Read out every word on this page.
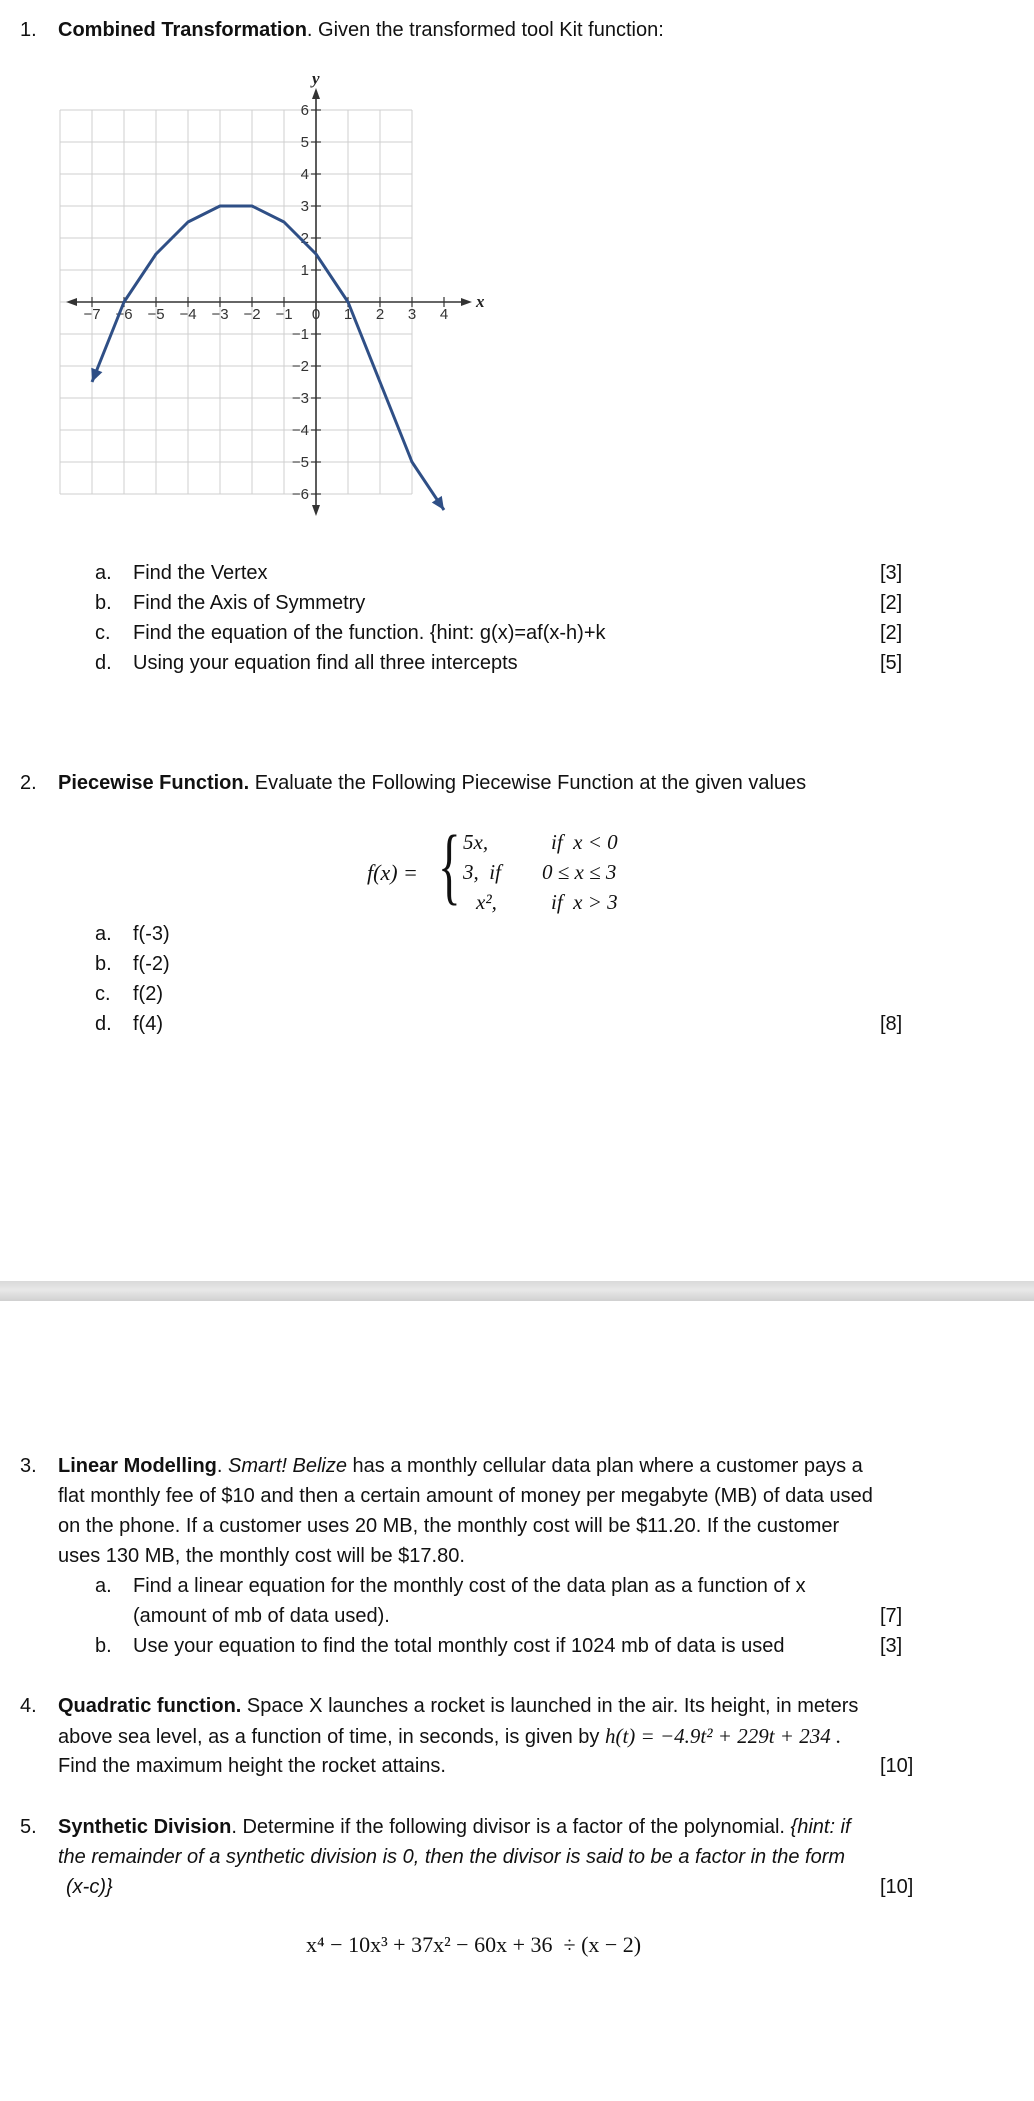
1. Combined Transformation. Given the transformed tool Kit function:
x
y
−7 −6 −5 −4 −3 −2 −1 0 1 2 3 4
6
5
4
3
2
1
−1
−2
−3
−4
−5
−6
a. Find the Vertex	[3]
b. Find the Axis of Symmetry	[2]
c. Find the equation of the function. {hint: g(x)=af(x-h)+k	[2]
d. Using your equation find all three intercepts	[5]
2. Piecewise Function. Evaluate the Following Piecewise Function at the given values
f(x) = { 5x,	if  x < 0
3,  if 0 ≤ x ≤ 3
x²,	if  x > 3
a. f(-3)
b. f(-2)
c. f(2)
d. f(4)	[8]
3. Linear Modelling. Smart! Belize has a monthly cellular data plan where a customer pays a
flat monthly fee of $10 and then a certain amount of money per megabyte (MB) of data used
on the phone. If a customer uses 20 MB, the monthly cost will be $11.20. If the customer
uses 130 MB, the monthly cost will be $17.80.
a. Find a linear equation for the monthly cost of the data plan as a function of x
(amount of mb of data used).	[7]
b. Use your equation to find the total monthly cost if 1024 mb of data is used	[3]
4. Quadratic function. Space X launches a rocket is launched in the air. Its height, in meters
above sea level, as a function of time, in seconds, is given by h(t) = −4.9t² + 229t + 234 .
Find the maximum height the rocket attains.	[10]
5. Synthetic Division. Determine if the following divisor is a factor of the polynomial. {hint: if
the remainder of a synthetic division is 0, then the divisor is said to be a factor in the form
(x-c)}	[10]
x⁴ − 10x³ + 37x² − 60x + 36  ÷ (x − 2)
